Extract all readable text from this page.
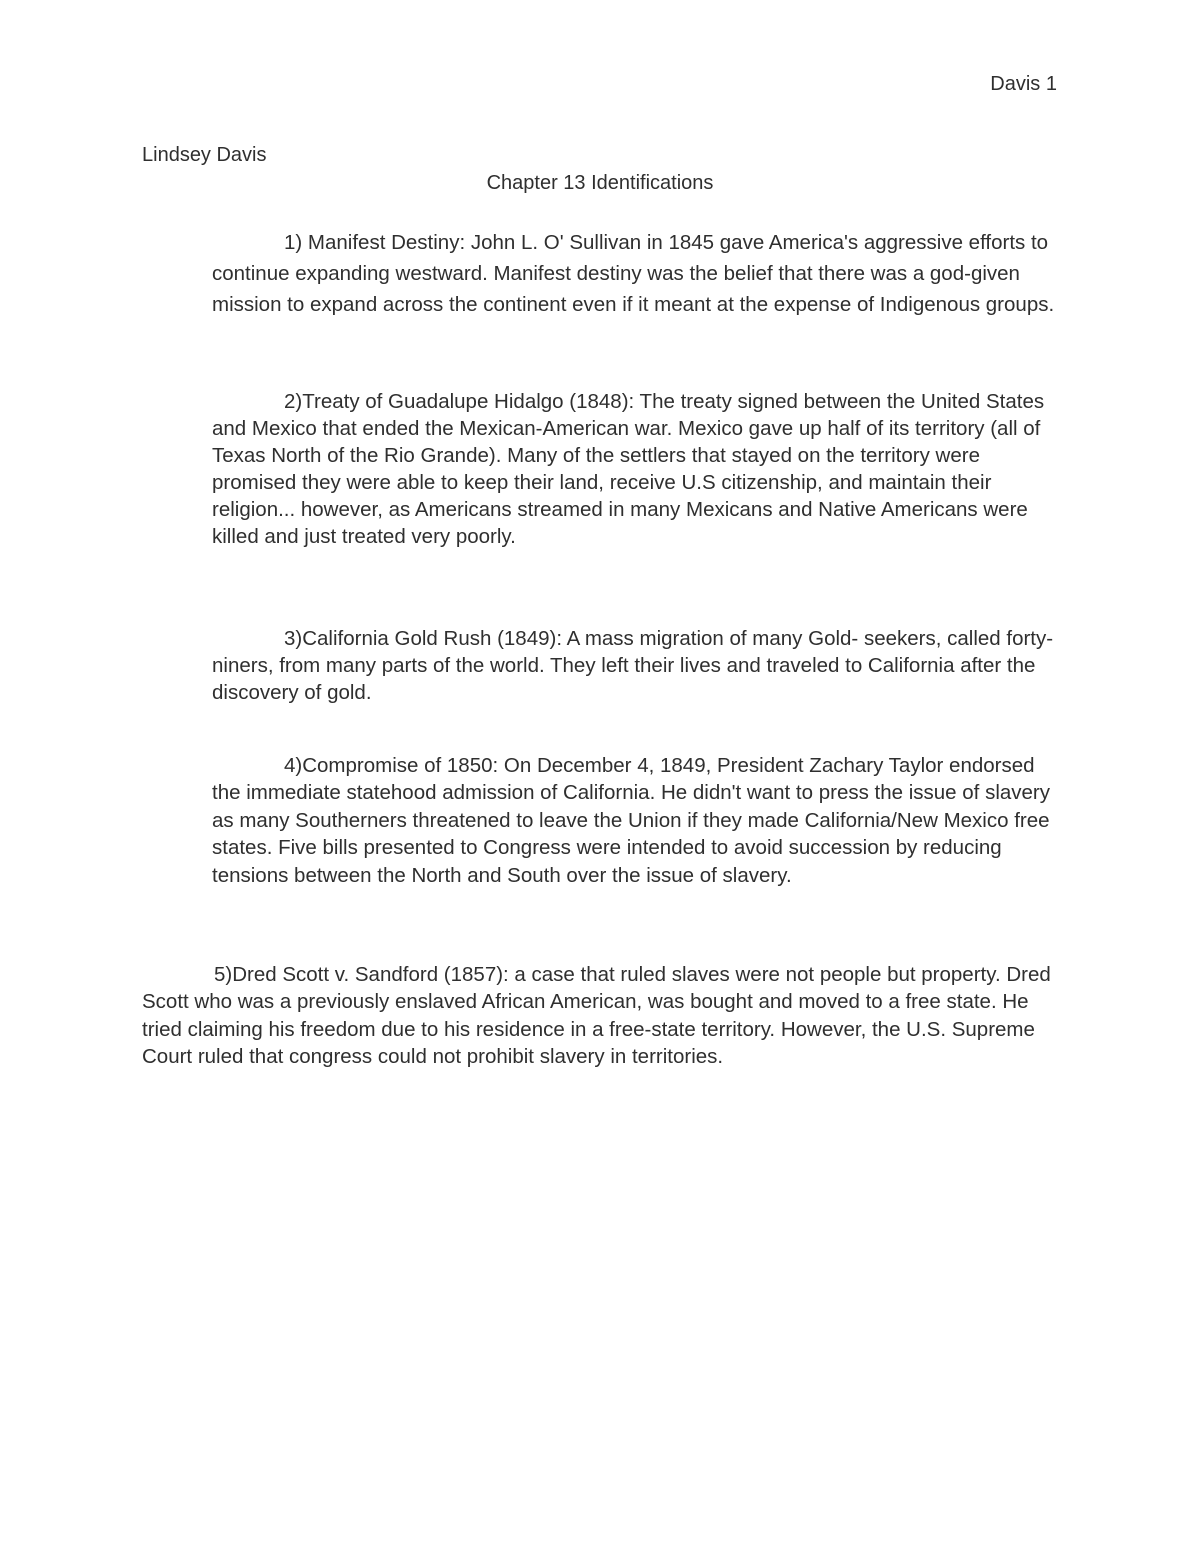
Davis 1
Lindsey Davis
Chapter 13 Identifications

1) Manifest Destiny: John L. O' Sullivan in 1845 gave America's aggressive efforts to continue expanding westward. Manifest destiny was the belief that there was a god-given mission to expand across the continent even if it meant at the expense of Indigenous groups.

2)Treaty of Guadalupe Hidalgo (1848): The treaty signed between the United States and Mexico that ended the Mexican-American war. Mexico gave up half of its territory (all of Texas North of the Rio Grande). Many of the settlers that stayed on the territory were promised they were able to keep their land, receive U.S citizenship, and maintain their religion... however, as Americans streamed in many Mexicans and Native Americans were killed and just treated very poorly.

3)California Gold Rush (1849): A mass migration of many Gold- seekers, called forty-niners, from many parts of the world. They left their lives and traveled to California after the discovery of gold.

4)Compromise of 1850: On December 4, 1849, President Zachary Taylor endorsed the immediate statehood admission of California. He didn't want to press the issue of slavery as many Southerners threatened to leave the Union if they made California/New Mexico free states. Five bills presented to Congress were intended to avoid succession by reducing tensions between the North and South over the issue of slavery.

5)Dred Scott v. Sandford (1857): a case that ruled slaves were not people but property. Dred Scott who was a previously enslaved African American, was bought and moved to a free state. He tried claiming his freedom due to his residence in a free-state territory. However, the U.S. Supreme Court ruled that congress could not prohibit slavery in territories.
